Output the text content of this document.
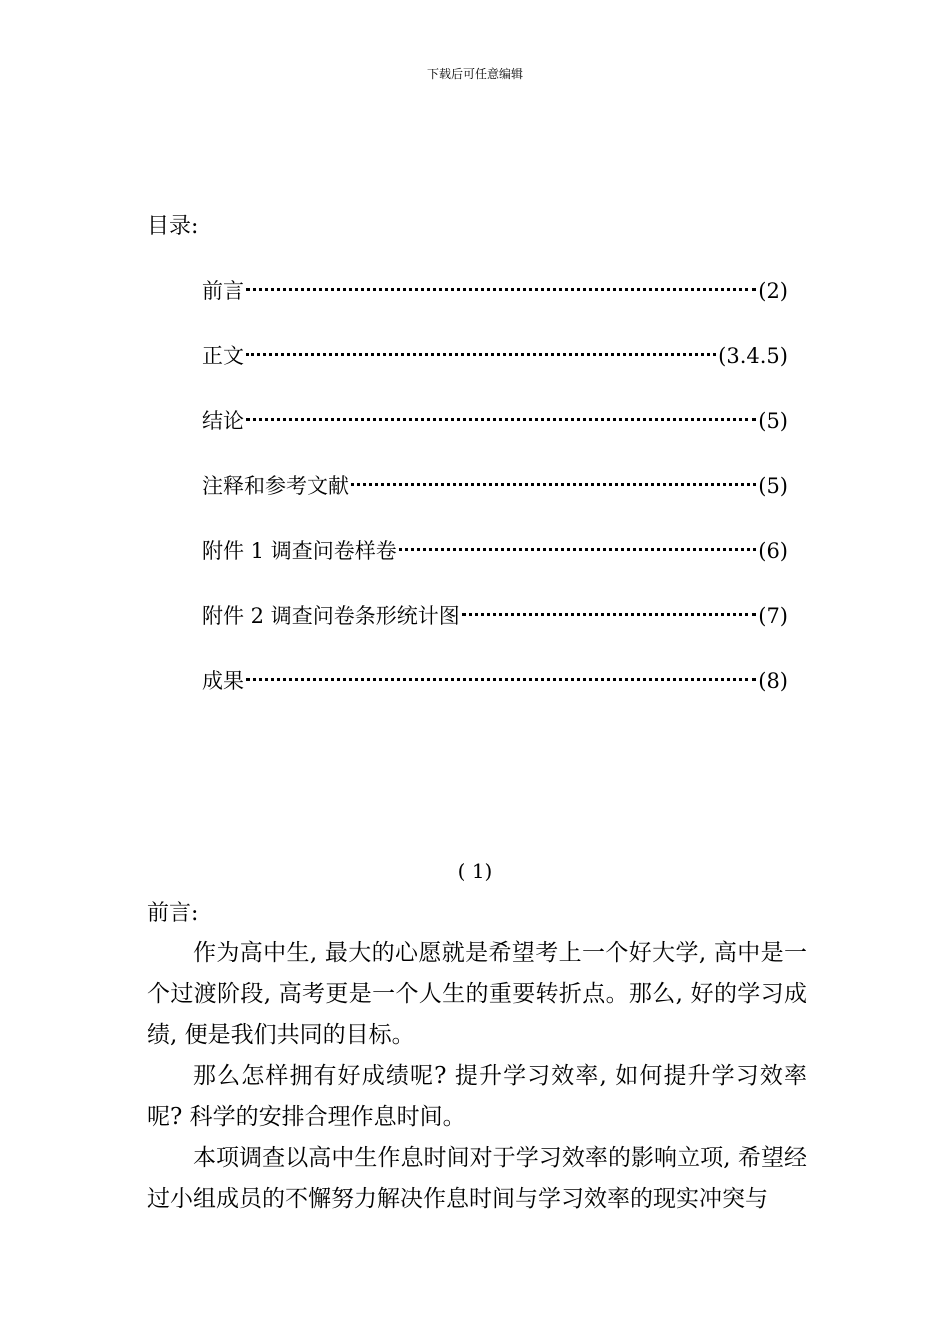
下载后可任意编辑
目录:
前言	(2)
正文	(3.4.5)
结论	(5)
注释和参考文献	(5)
附件 1 调查问卷样卷	(6)
附件 2 调查问卷条形统计图	(7)
成果	(8)
( 1)
前言:

作为高中生, 最大的心愿就是希望考上一个好大学, 高中是一个过渡阶段, 高考更是一个人生的重要转折点。那么, 好的学习成绩, 便是我们共同的目标。

那么怎样拥有好成绩呢? 提升学习效率, 如何提升学习效率呢? 科学的安排合理作息时间。

本项调查以高中生作息时间对于学习效率的影响立项, 希望经过小组成员的不懈努力解决作息时间与学习效率的现实冲突与
